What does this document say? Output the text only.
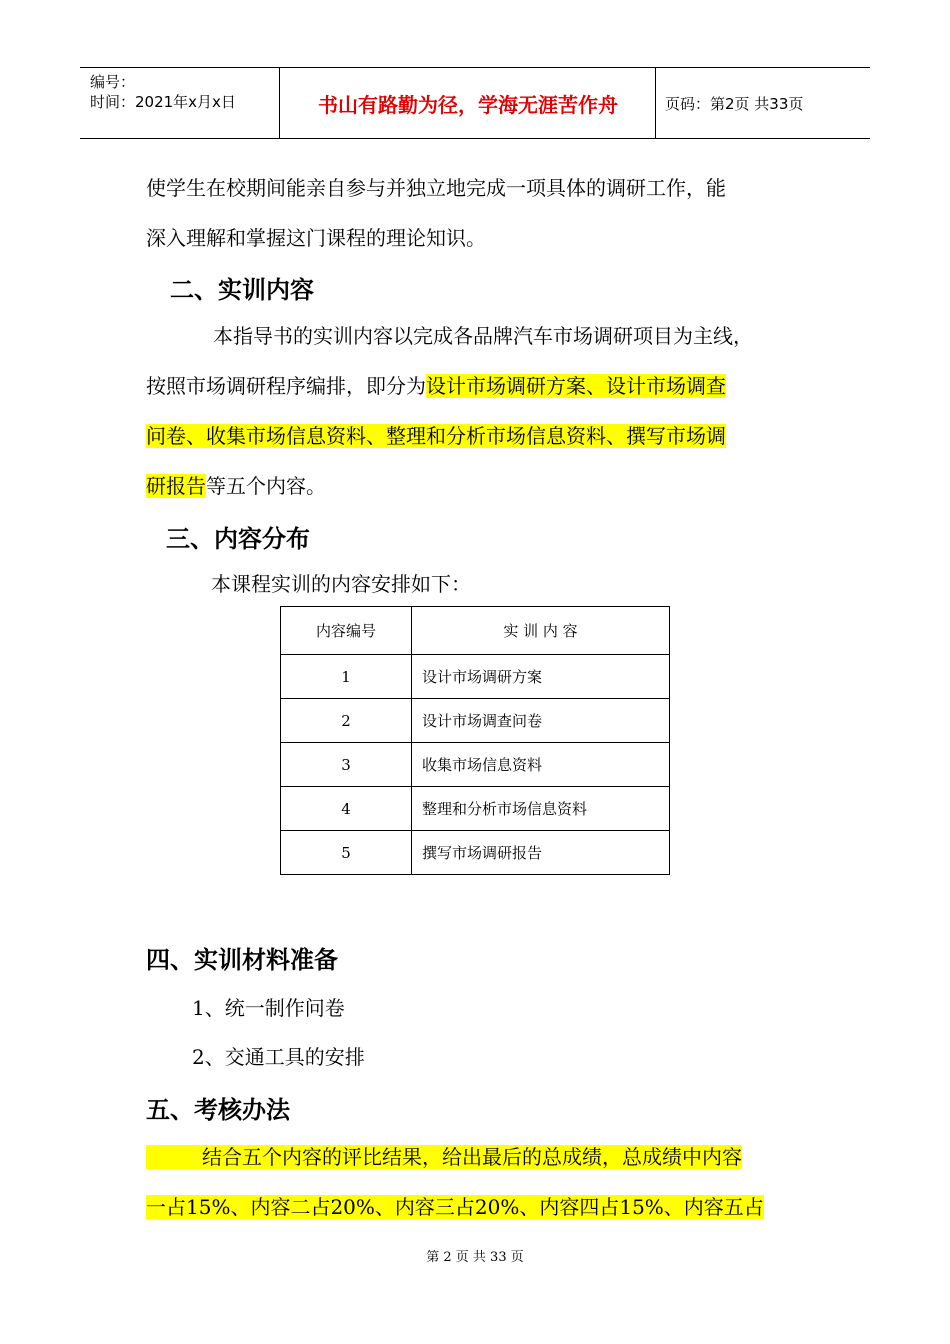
编号：
时间：2021年x月x日	书山有路勤为径，学海无涯苦作舟	页码：第2页 共33页
使学生在校期间能亲自参与并独立地完成一项具体的调研工作，能
深入理解和掌握这门课程的理论知识。
二、实训内容
本指导书的实训内容以完成各品牌汽车市场调研项目为主线，
按照市场调研程序编排，即分为设计市场调研方案、设计市场调查
问卷、收集市场信息资料、整理和分析市场信息资料、撰写市场调
研报告等五个内容。
三、内容分布
本课程实训的内容安排如下：
内容编号	实 训 内 容
1	设计市场调研方案
2	设计市场调查问卷
3	收集市场信息资料
4	整理和分析市场信息资料
5	撰写市场调研报告
四、实训材料准备
1、统一制作问卷
2、交通工具的安排
五、考核办法
结合五个内容的评比结果，给出最后的总成绩，总成绩中内容
一占15%、内容二占20%、内容三占20%、内容四占15%、内容五占
第 2 页 共 33 页
